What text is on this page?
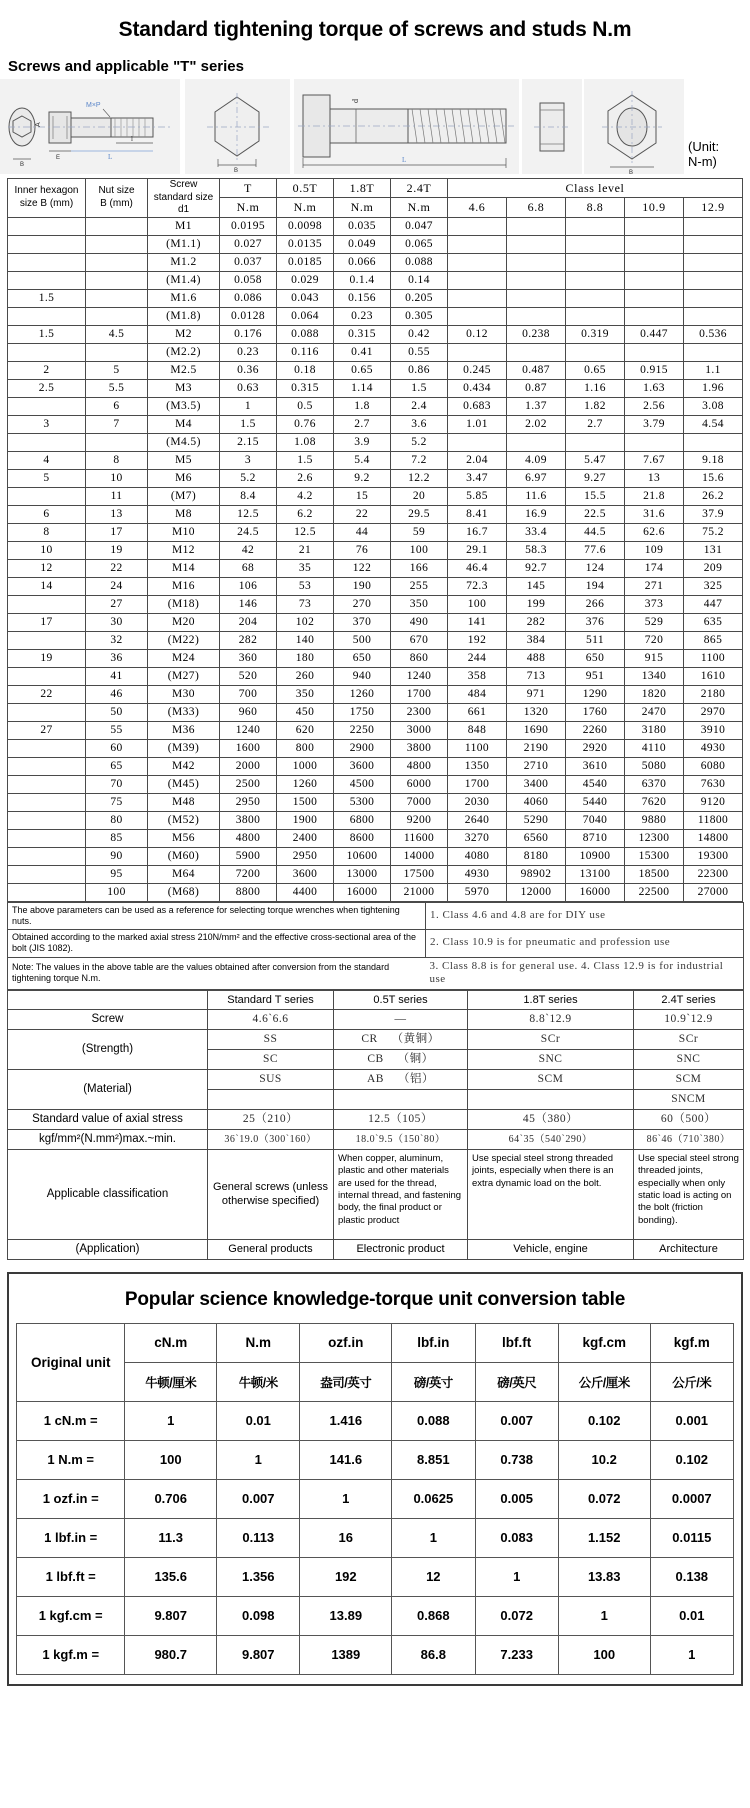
Standard tightening torque of screws and studs N.m
Screws and applicable "T" series
B
E	L
l
A
M×P
B
d
L
B
(Unit:
N-m)
Inner hexagon
size B (mm)	Nut size
B (mm)	Screw
standard size
d1	T	0.5T	1.8T	2.4T	Class level				
			N.m	N.m	N.m	N.m	4.6	6.8	8.8	10.9	12.9
		M1	0.0195	0.0098	0.035	0.047					
		(M1.1)	0.027	0.0135	0.049	0.065					
		M1.2	0.037	0.0185	0.066	0.088					
		(M1.4)	0.058	0.029	0.1.4	0.14					
1.5		M1.6	0.086	0.043	0.156	0.205					
		(M1.8)	0.0128	0.064	0.23	0.305					
1.5	4.5	M2	0.176	0.088	0.315	0.42	0.12	0.238	0.319	0.447	0.536
		(M2.2)	0.23	0.116	0.41	0.55					
2	5	M2.5	0.36	0.18	0.65	0.86	0.245	0.487	0.65	0.915	1.1
2.5	5.5	M3	0.63	0.315	1.14	1.5	0.434	0.87	1.16	1.63	1.96
	6	(M3.5)	1	0.5	1.8	2.4	0.683	1.37	1.82	2.56	3.08
3	7	M4	1.5	0.76	2.7	3.6	1.01	2.02	2.7	3.79	4.54
		(M4.5)	2.15	1.08	3.9	5.2					
4	8	M5	3	1.5	5.4	7.2	2.04	4.09	5.47	7.67	9.18
5	10	M6	5.2	2.6	9.2	12.2	3.47	6.97	9.27	13	15.6
	11	(M7)	8.4	4.2	15	20	5.85	11.6	15.5	21.8	26.2
6	13	M8	12.5	6.2	22	29.5	8.41	16.9	22.5	31.6	37.9
8	17	M10	24.5	12.5	44	59	16.7	33.4	44.5	62.6	75.2
10	19	M12	42	21	76	100	29.1	58.3	77.6	109	131
12	22	M14	68	35	122	166	46.4	92.7	124	174	209
14	24	M16	106	53	190	255	72.3	145	194	271	325
	27	(M18)	146	73	270	350	100	199	266	373	447
17	30	M20	204	102	370	490	141	282	376	529	635
	32	(M22)	282	140	500	670	192	384	511	720	865
19	36	M24	360	180	650	860	244	488	650	915	1100
	41	(M27)	520	260	940	1240	358	713	951	1340	1610
22	46	M30	700	350	1260	1700	484	971	1290	1820	2180
	50	(M33)	960	450	1750	2300	661	1320	1760	2470	2970
27	55	M36	1240	620	2250	3000	848	1690	2260	3180	3910
	60	(M39)	1600	800	2900	3800	1100	2190	2920	4110	4930
	65	M42	2000	1000	3600	4800	1350	2710	3610	5080	6080
	70	(M45)	2500	1260	4500	6000	1700	3400	4540	6370	7630
	75	M48	2950	1500	5300	7000	2030	4060	5440	7620	9120
	80	(M52)	3800	1900	6800	9200	2640	5290	7040	9880	11800
	85	M56	4800	2400	8600	11600	3270	6560	8710	12300	14800
	90	(M60)	5900	2950	10600	14000	4080	8180	10900	15300	19300
	95	M64	7200	3600	13000	17500	4930	98902	13100	18500	22300
	100	(M68)	8800	4400	16000	21000	5970	12000	16000	22500	27000
The above parameters can be used as a reference for selecting torque wrenches when tightening nuts.	1. Class 4.6 and 4.8 are for DIY use
Obtained according to the marked axial stress 210N/mm² and the effective cross-sectional area of the bolt (JIS 1082).	2. Class 10.9 is for pneumatic and profession use
Note: The values in the above table are the values obtained after conversion from the standard tightening torque N.m.	3. Class 8.8 is for general use. 4. Class 12.9 is for industrial use
	Standard T series	0.5T series	1.8T series	2.4T series
Screw	4.6ˋ6.6	—	8.8ˋ12.9	10.9ˋ12.9
(Strength)	SS	CR （黄铜）	SCr	SCr
	SC	CB （铜）	SNC	SNC
(Material)	SUS	AB （铝）	SCM	SCM
				SNCM
Standard value of axial stress	25（210）	12.5（105）	45（380）	60（500）
kgf/mm²(N.mm²)max.~min.	36ˋ19.0（300ˋ160）	18.0ˋ9.5（150ˋ80）	64ˋ35（540ˋ290）	86ˋ46（710ˋ380）
Applicable classification	General screws (unless otherwise specified)	When copper, aluminum, plastic and other materials are used for the thread, internal thread, and fastening body, the final product or plastic product	Use special steel strong threaded joints, especially when there is an extra dynamic load on the bolt.	Use special steel strong threaded joints, especially when only static load is acting on the bolt (friction bonding).
(Application)	General products	Electronic product	Vehicle, engine	Architecture
Popular science knowledge-torque unit conversion table
Original unit	cN.m	N.m	ozf.in	lbf.in	lbf.ft	kgf.cm	kgf.m
	牛顿/厘米	牛顿/米	盎司/英寸	磅/英寸	磅/英尺	公斤/厘米	公斤/米
1 cN.m =	1	0.01	1.416	0.088	0.007	0.102	0.001
1 N.m =	100	1	141.6	8.851	0.738	10.2	0.102
1 ozf.in =	0.706	0.007	1	0.0625	0.005	0.072	0.0007
1 lbf.in =	11.3	0.113	16	1	0.083	1.152	0.0115
1 lbf.ft =	135.6	1.356	192	12	1	13.83	0.138
1 kgf.cm =	9.807	0.098	13.89	0.868	0.072	1	0.01
1 kgf.m =	980.7	9.807	1389	86.8	7.233	100	1
